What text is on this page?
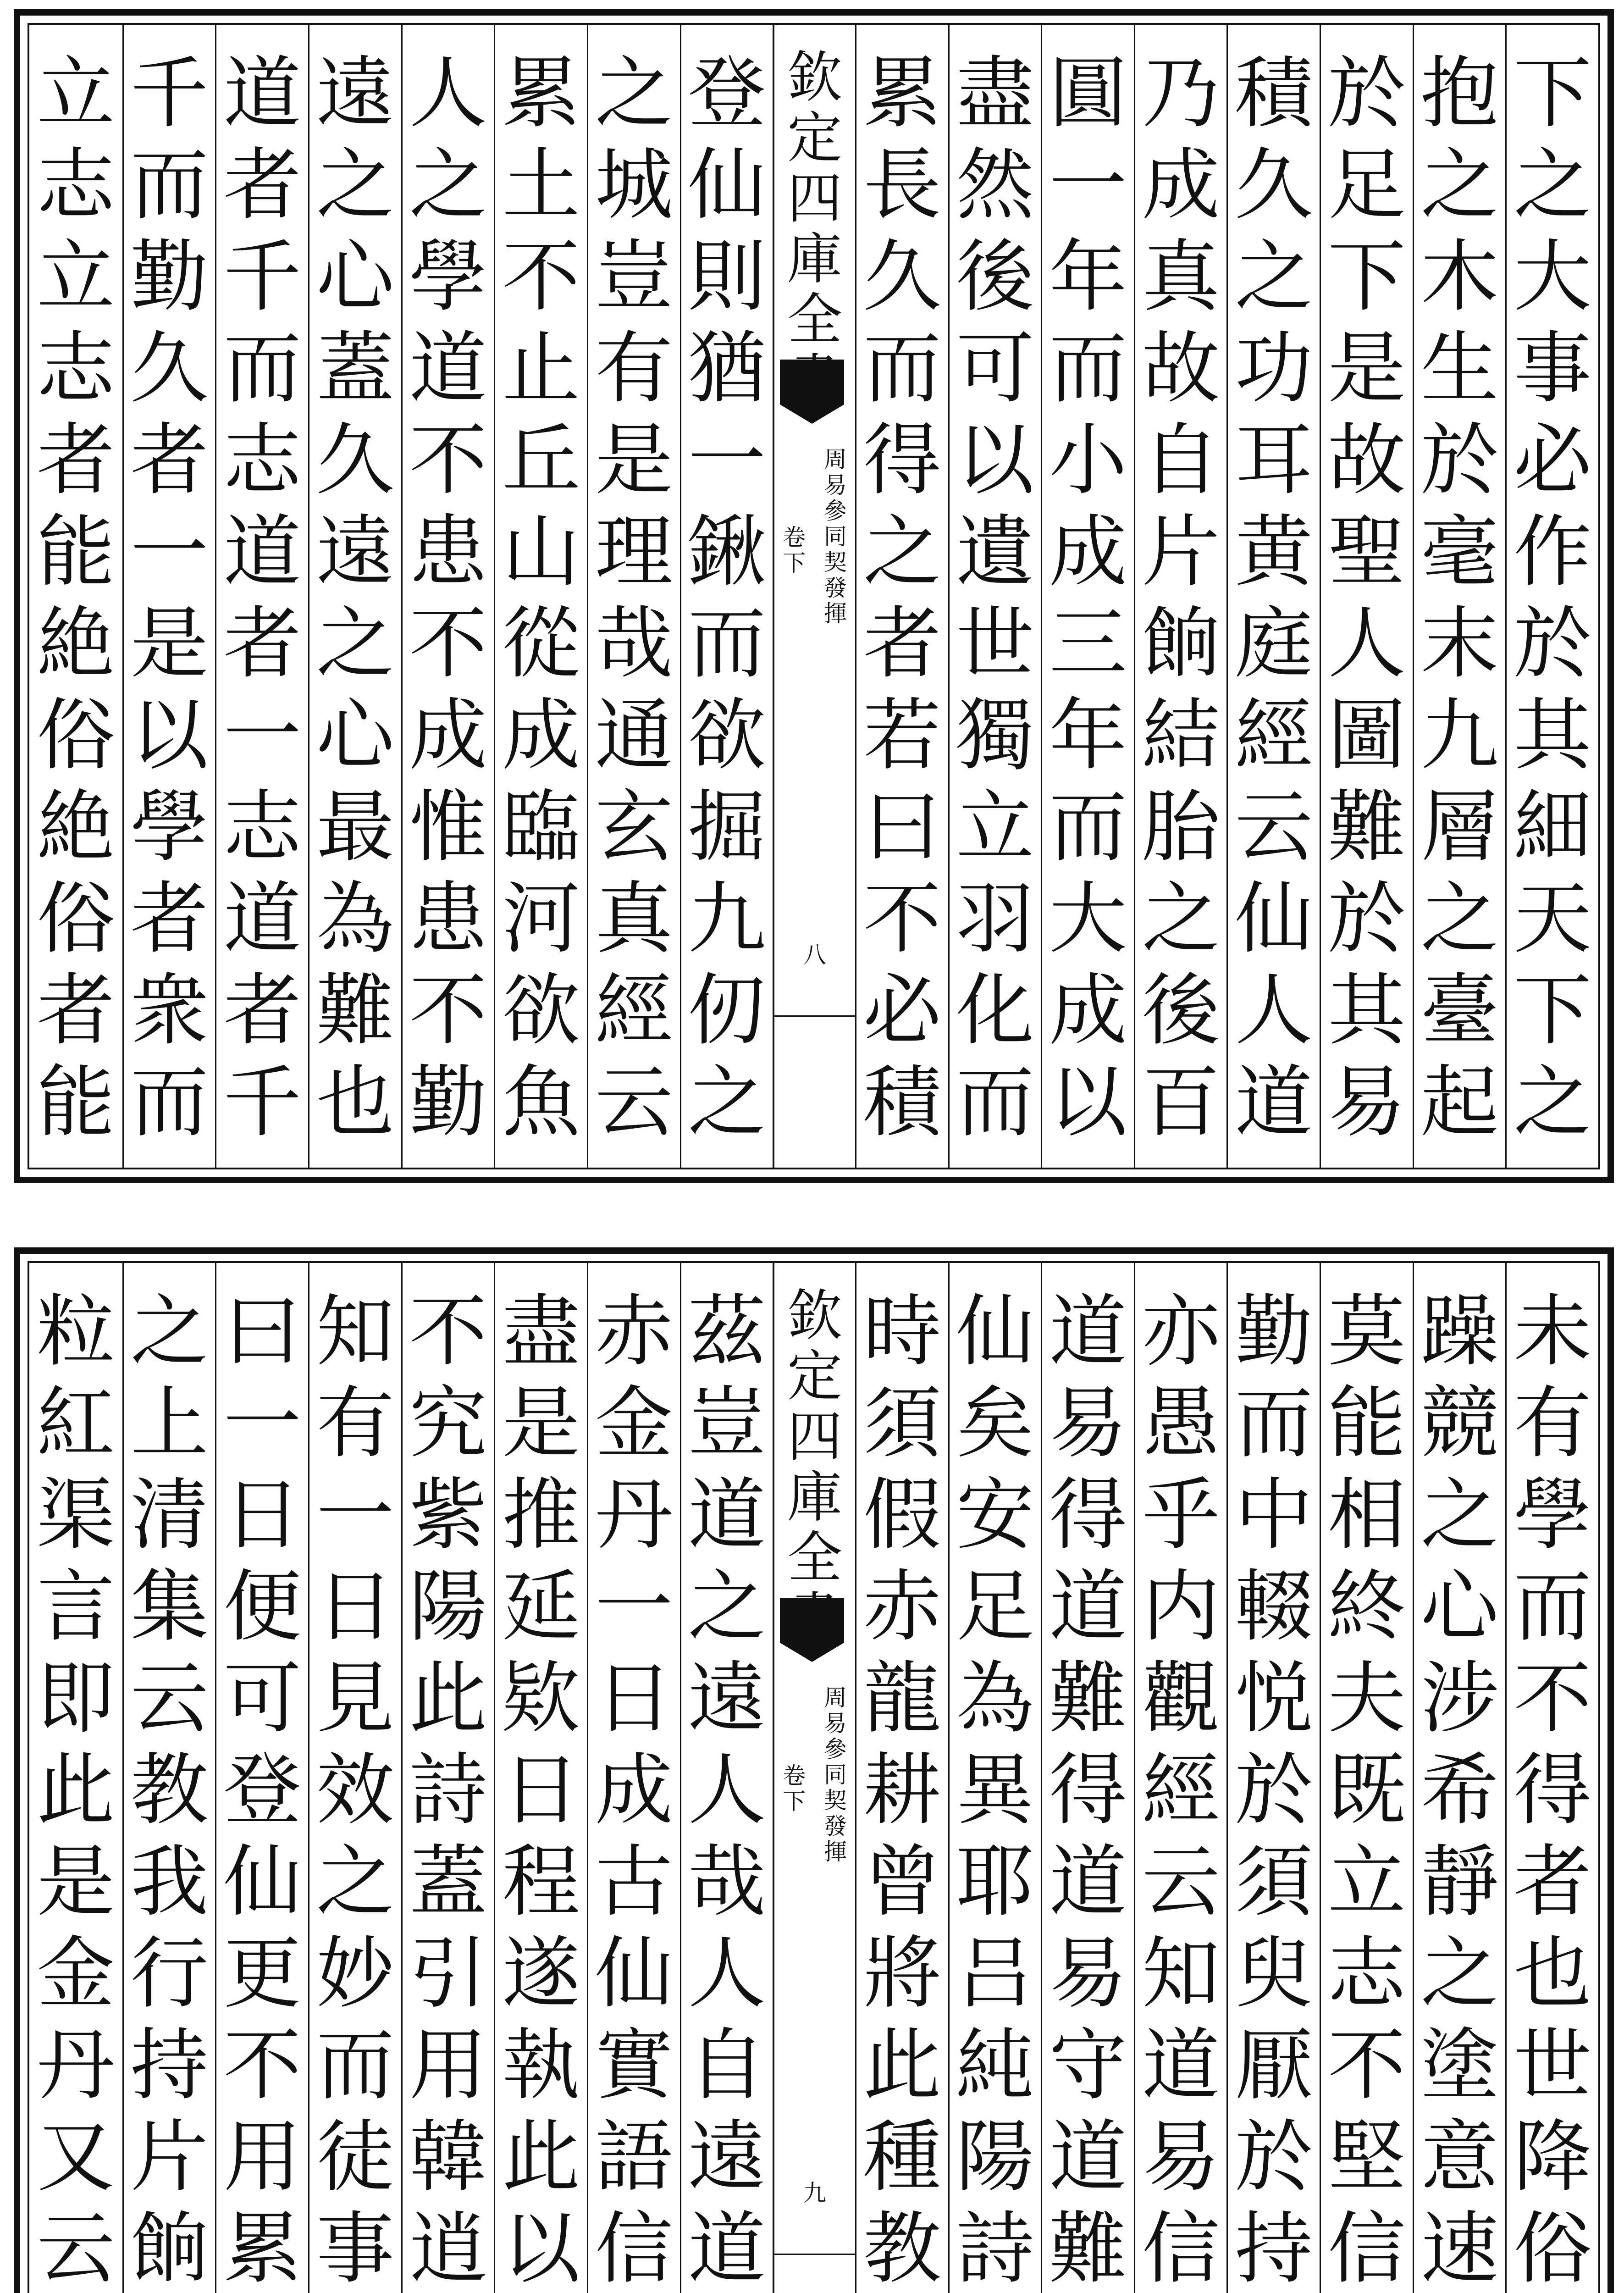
下
之
大
事
必
作
於
其
細
天
下
之
抱
之
木
生
於
毫
末
九
層
之
臺
起
於
足
下
是
故
聖
人
圖
難
於
其
易
積
久
之
功
耳
黄
庭
經
云
仙
人
道
乃
成
真
故
自
片
餉
結
胎
之
後
百
圓
一
年
而
小
成
三
年
而
大
成
以
盡
然
後
可
以
遺
世
獨
立
羽
化
而
累
長
久
而
得
之
者
若
曰
不
必
積
欽
定
四
庫
全
周
易
參
同
契
發
揮
卷
下
八
登
仙
則
猶
一
鍬
而
欲
掘
九
仞
之
之
城
豈
有
是
理
哉
通
玄
真
經
云
累
土
不
止
丘
山
從
成
臨
河
欲
魚
人
之
學
道
不
患
不
成
惟
患
不
勤
遠
之
心
蓋
久
遠
之
心
最
為
難
也
道
者
千
而
志
道
者
一
志
道
者
千
千
而
勤
久
者
一
是
以
學
者
衆
而
立
志
立
志
者
能
絶
俗
絶
俗
者
能
未
有
學
而
不
得
者
也
世
降
俗
躁
競
之
心
涉
希
靜
之
塗
意
速
莫
能
相
終
夫
既
立
志
不
堅
信
勤
而
中
輟
悦
於
須
臾
厭
於
持
亦
愚
乎
内
觀
經
云
知
道
易
信
道
易
得
道
難
得
道
易
守
道
難
仙
矣
安
足
為
異
耶
吕
純
陽
詩
時
須
假
赤
龍
耕
曾
將
此
種
教
欽
定
四
庫
全
周
易
參
同
契
發
揮
卷
下
九
茲
豈
道
之
遠
人
哉
人
自
遠
道
赤
金
丹
一
日
成
古
仙
實
語
信
盡
是
推
延
欵
日
程
遂
執
此
以
不
究
紫
陽
此
詩
蓋
引
用
韓
逍
知
有
一
日
見
效
之
妙
而
徒
事
曰
一
日
便
可
登
仙
更
不
用
累
之
上
清
集
云
教
我
行
持
片
餉
粒
紅
渠
言
即
此
是
金
丹
又
云
